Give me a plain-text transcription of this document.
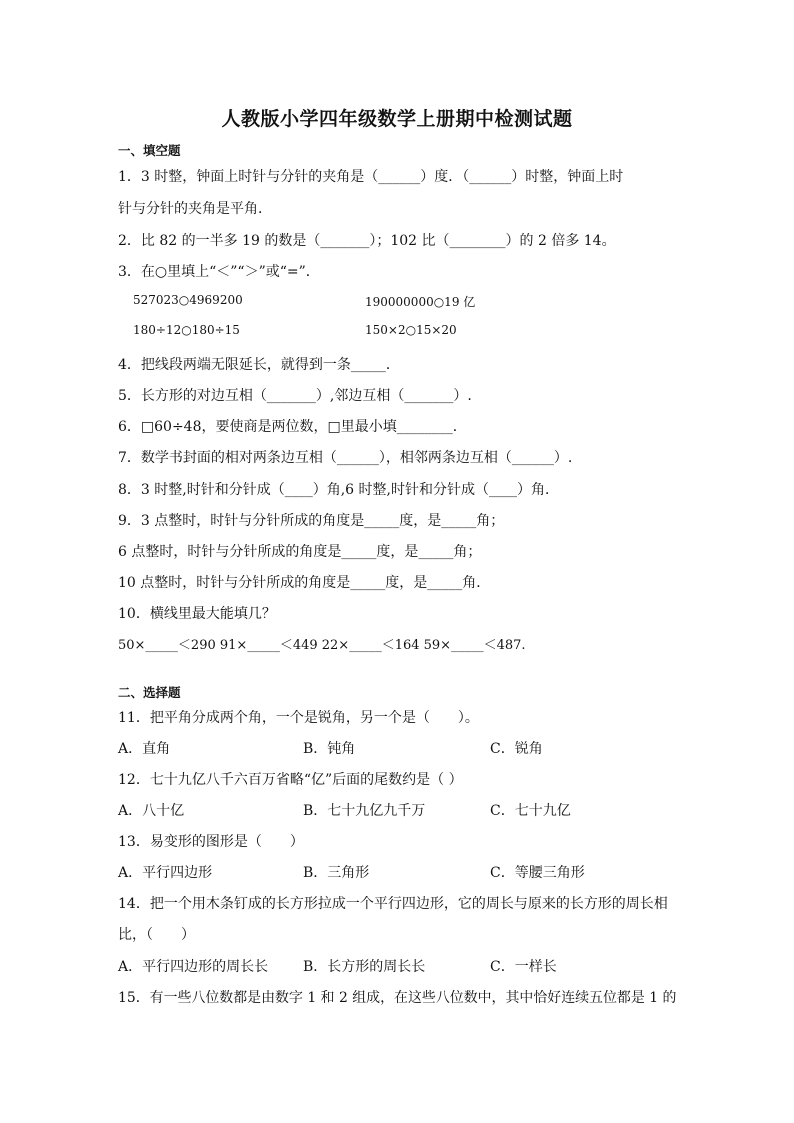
人教版小学四年级数学上册期中检测试题
一、填空题
1．3 时整，钟面上时针与分针的夹角是（______）度．（______）时整，钟面上时
针与分针的夹角是平角．
2．比 82 的一半多 19 的数是（_______）；102 比（________）的 2 倍多 14。
3．在○里填上“＜”“＞”或“=”．
527023○4969200	190000000○19 亿
180÷12○180÷15	150×2○15×20
4．把线段两端无限延长，就得到一条_____．
5．长方形的对边互相（_______）,邻边互相（_______）.
6．□60÷48，要使商是两位数，□里最小填________．
7．数学书封面的相对两条边互相（______），相邻两条边互相（______）.
8．3 时整,时针和分针成（____）角,6 时整,时针和分针成（____）角．
9．3 点整时，时针与分针所成的角度是_____度，是_____角；
6 点整时，时针与分针所成的角度是_____度，是_____角；
10 点整时，时针与分针所成的角度是_____度，是_____角．
10．横线里最大能填几？
50×_____＜290 91×_____＜449 22×_____＜164 59×_____＜487.
二、选择题
11．把平角分成两个角，一个是锐角，另一个是（　　）。
A．直角	B．钝角	C．锐角
12．七十九亿八千六百万省略“亿”后面的尾数约是（ ）
A．八十亿	B．七十九亿九千万	C．七十九亿
13．易变形的图形是（　　）
A．平行四边形	B．三角形	C．等腰三角形
14．把一个用木条钉成的长方形拉成一个平行四边形，它的周长与原来的长方形的周长相
比，（　　）
A．平行四边形的周长长 B．长方形的周长长	C．一样长
15．有一些八位数都是由数字 1 和 2 组成，在这些八位数中，其中恰好连续五位都是 1 的
